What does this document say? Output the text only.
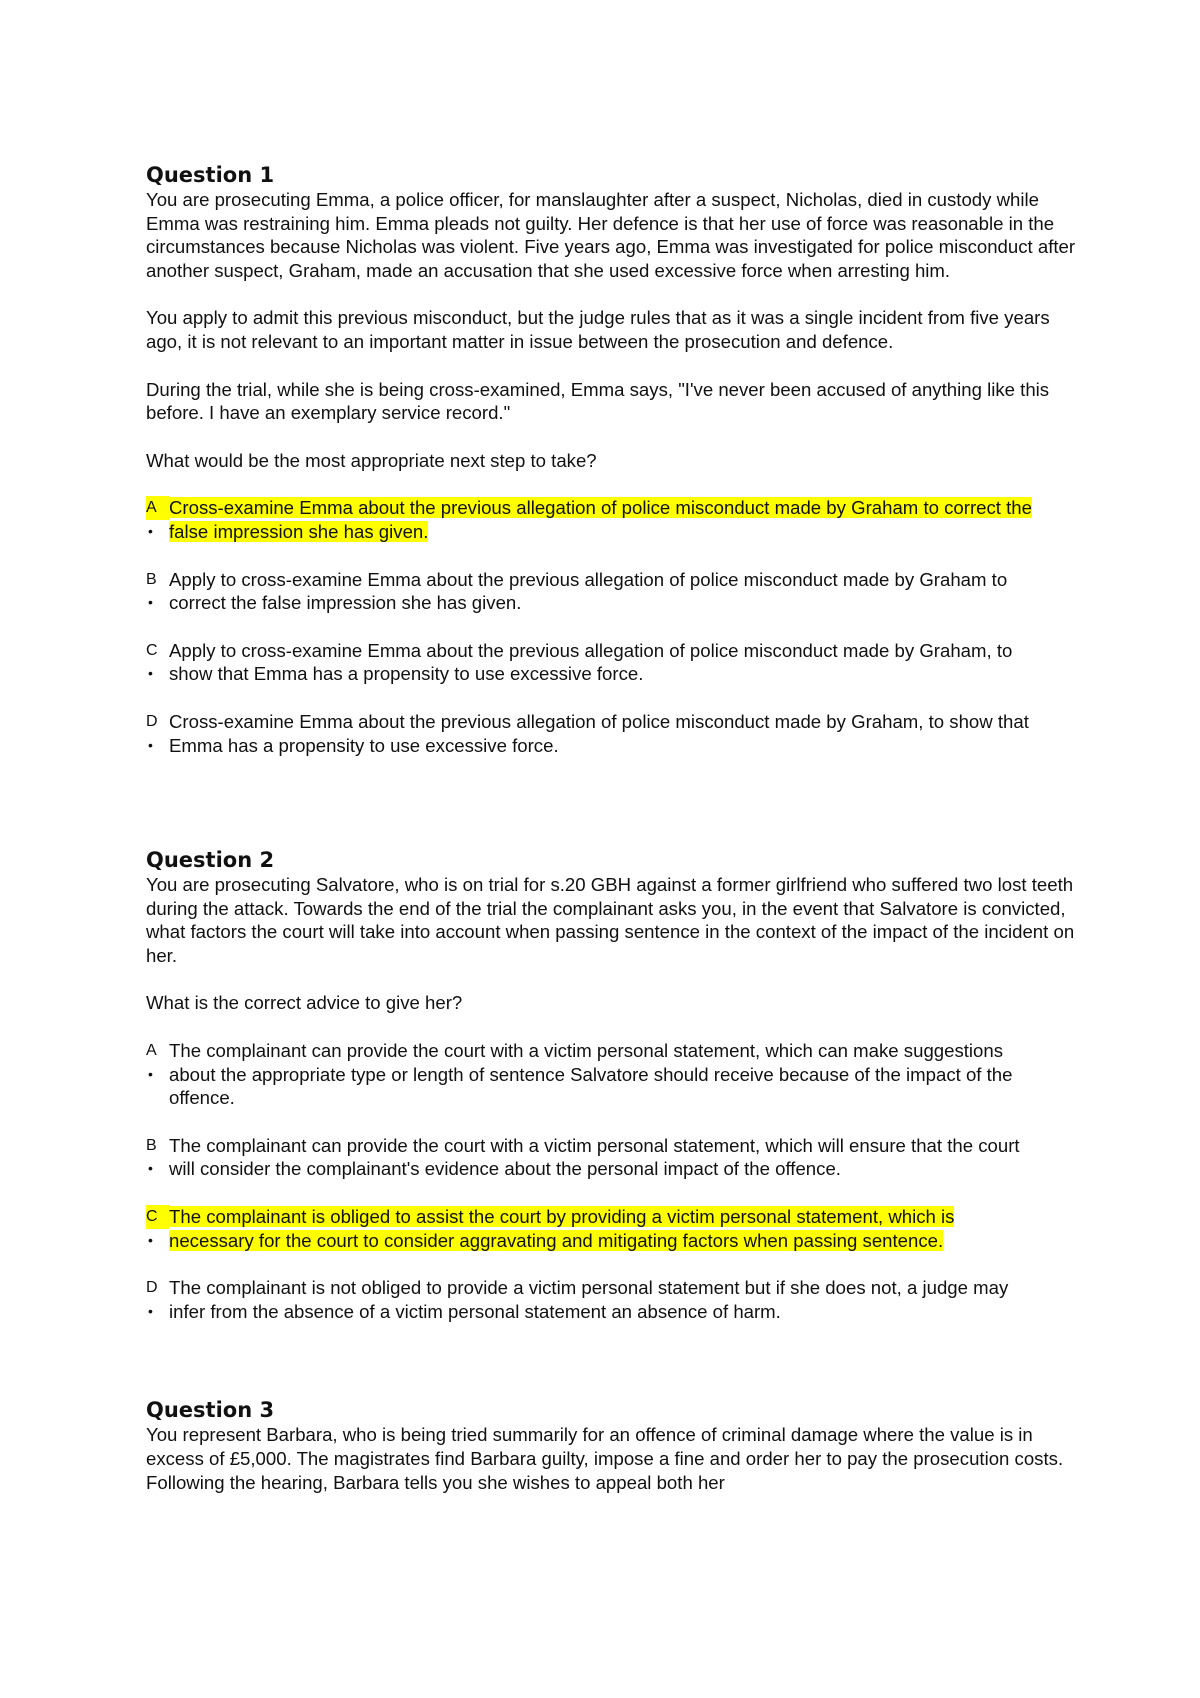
Question 1

You are prosecuting Emma, a police officer, for manslaughter after a suspect, Nicholas, died in custody while Emma was restraining him. Emma pleads not guilty. Her defence is that her use of force was reasonable in the circumstances because Nicholas was violent. Five years ago, Emma was investigated for police misconduct after another suspect, Graham, made an accusation that she used excessive force when arresting him.

You apply to admit this previous misconduct, but the judge rules that as it was a single incident from five years ago, it is not relevant to an important matter in issue between the prosecution and defence.

During the trial, while she is being cross-examined, Emma says, "I've never been accused of anything like this before. I have an exemplary service record."

What would be the most appropriate next step to take?

A
•
Cross-examine Emma about the previous allegation of police misconduct made by Graham to correct the false impression she has given.
B
•
Apply to cross-examine Emma about the previous allegation of police misconduct made by Graham to correct the false impression she has given.
C
•
Apply to cross-examine Emma about the previous allegation of police misconduct made by Graham, to show that Emma has a propensity to use excessive force.
D
•
Cross-examine Emma about the previous allegation of police misconduct made by Graham, to show that Emma has a propensity to use excessive force.
Question 2

You are prosecuting Salvatore, who is on trial for s.20 GBH against a former girlfriend who suffered two lost teeth during the attack. Towards the end of the trial the complainant asks you, in the event that Salvatore is convicted, what factors the court will take into account when passing sentence in the context of the impact of the incident on her.

What is the correct advice to give her?

A
•
The complainant can provide the court with a victim personal statement, which can make suggestions about the appropriate type or length of sentence Salvatore should receive because of the impact of the offence.
B
•
The complainant can provide the court with a victim personal statement, which will ensure that the court will consider the complainant's evidence about the personal impact of the offence.
C
•
The complainant is obliged to assist the court by providing a victim personal statement, which is necessary for the court to consider aggravating and mitigating factors when passing sentence.
D
•
The complainant is not obliged to provide a victim personal statement but if she does not, a judge may infer from the absence of a victim personal statement an absence of harm.
Question 3

You represent Barbara, who is being tried summarily for an offence of criminal damage where the value is in excess of £5,000. The magistrates find Barbara guilty, impose a fine and order her to pay the prosecution costs. Following the hearing, Barbara tells you she wishes to appeal both her
